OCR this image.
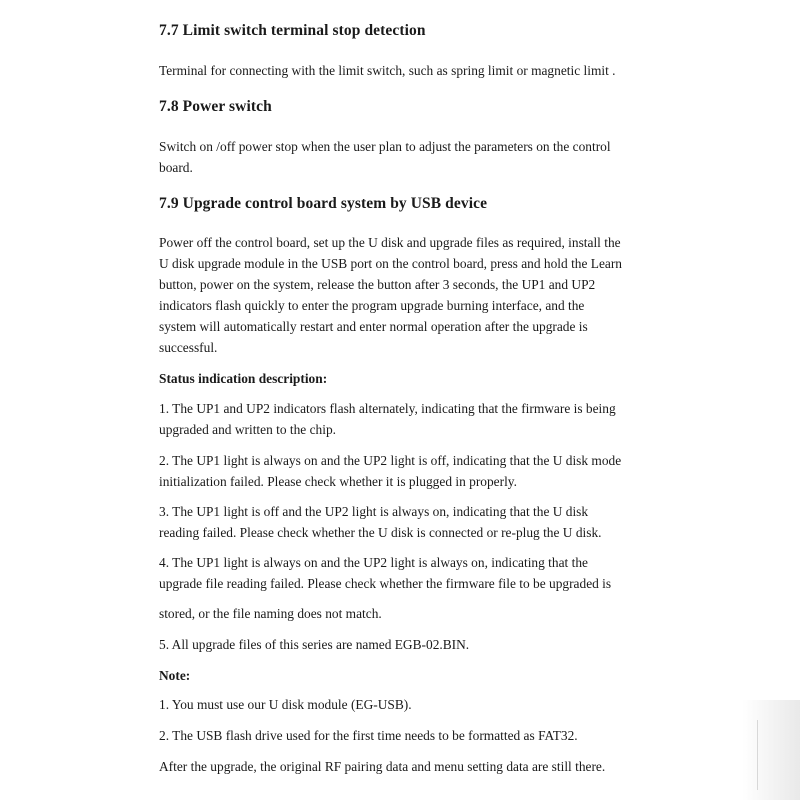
7.7 Limit switch terminal stop detection

Terminal for connecting with the limit switch, such as spring limit or magnetic limit .

7.8 Power switch

Switch on /off power stop when the user plan to adjust the parameters on the control

board.

7.9 Upgrade control board system by USB device

Power off the control board, set up the U disk and upgrade files as required, install the

U disk upgrade module in the USB port on the control board, press and hold the Learn

button, power on the system, release the button after 3 seconds, the UP1 and UP2

indicators flash quickly to enter the program upgrade burning interface, and the

system will automatically restart and enter normal operation after the upgrade is

successful.

Status indication description:

1. The UP1 and UP2 indicators flash alternately, indicating that the firmware is being

upgraded and written to the chip.

2. The UP1 light is always on and the UP2 light is off, indicating that the U disk mode

initialization failed. Please check whether it is plugged in properly.

3. The UP1 light is off and the UP2 light is always on, indicating that the U disk

reading failed. Please check whether the U disk is connected or re-plug the U disk.

4. The UP1 light is always on and the UP2 light is always on, indicating that the

upgrade file reading failed. Please check whether the firmware file to be upgraded is

stored, or the file naming does not match.

5. All upgrade files of this series are named EGB-02.BIN.

Note:

1. You must use our U disk module (EG-USB).

2. The USB flash drive used for the first time needs to be formatted as FAT32.

After the upgrade, the original RF pairing data and menu setting data are still there.
